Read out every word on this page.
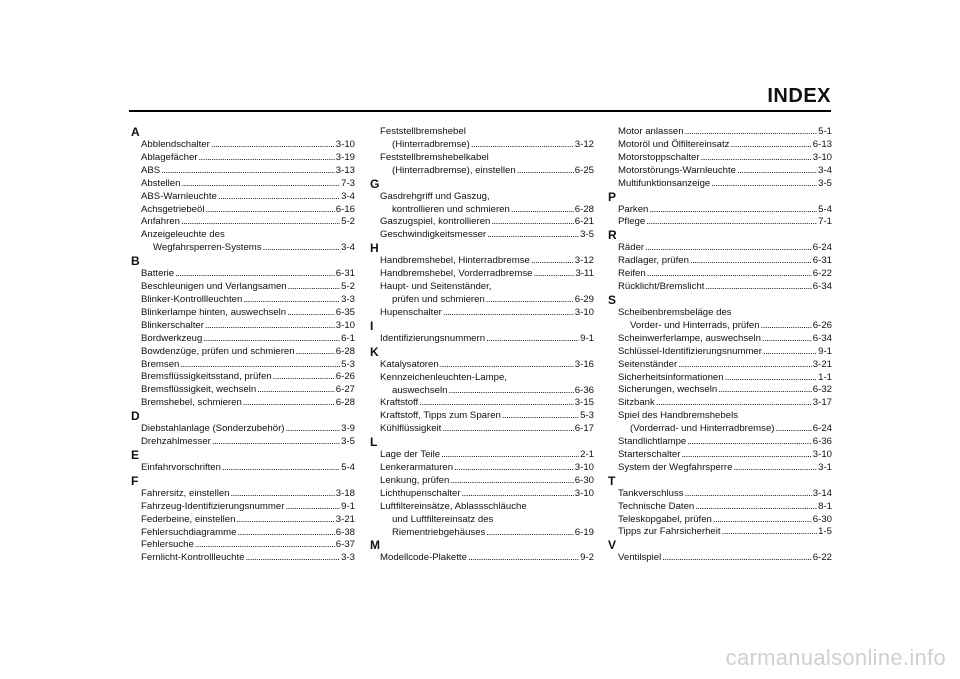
INDEX
A
Abblendschalter . . .	3-10
Ablagefächer . . .	3-19
ABS . . .	3-13
Abstellen . . .	7-3
ABS-Warnleuchte . . .	3-4
Achsgetriebeöl . . .	6-16
Anfahren . . .	5-2
Anzeigeleuchte des
Wegfahrsperren-Systems . . .	3-4
B
Batterie . . .	6-31
Beschleunigen und Verlangsamen . . .	5-2
Blinker-Kontrollleuchten . . .	3-3
Blinkerlampe hinten, auswechseln . . .	6-35
Blinkerschalter . . .	3-10
Bordwerkzeug . . .	6-1
Bowdenzüge, prüfen und schmieren . . .	6-28
Bremsen . . .	5-3
Bremsflüssigkeitsstand, prüfen . . .	6-26
Bremsflüssigkeit, wechseln . . .	6-27
Bremshebel, schmieren . . .	6-28
D
Diebstahlanlage (Sonderzubehör) . . .	3-9
Drehzahlmesser . . .	3-5
E
Einfahrvorschriften . . .	5-4
F
Fahrersitz, einstellen . . .	3-18
Fahrzeug-Identifizierungsnummer . . .	9-1
Federbeine, einstellen . . .	3-21
Fehlersuchdiagramme . . .	6-38
Fehlersuche . . .	6-37
Fernlicht-Kontrollleuchte . . .	3-3
Feststellbremshebel
(Hinterradbremse) . . .	3-12
Feststellbremshebelkabel
(Hinterradbremse), einstellen . . .	6-25
G
Gasdrehgriff und Gaszug,
kontrollieren und schmieren . . .	6-28
Gaszugspiel, kontrollieren . . .	6-21
Geschwindigkeitsmesser . . .	3-5
H
Handbremshebel, Hinterradbremse . . .	3-12
Handbremshebel, Vorderradbremse . . .	3-11
Haupt- und Seitenständer,
prüfen und schmieren . . .	6-29
Hupenschalter . . .	3-10
I
Identifizierungsnummern . . .	9-1
K
Katalysatoren . . .	3-16
Kennzeichenleuchten-Lampe,
auswechseln . . .	6-36
Kraftstoff . . .	3-15
Kraftstoff, Tipps zum Sparen . . .	5-3
Kühlflüssigkeit . . .	6-17
L
Lage der Teile . . .	2-1
Lenkerarmaturen . . .	3-10
Lenkung, prüfen . . .	6-30
Lichthupenschalter . . .	3-10
Luftfiltereinsätze, Ablassschläuche
und Luftfiltereinsatz des
Riementriebgehäuses . . .	6-19
M
Modellcode-Plakette . . .	9-2
Motor anlassen . . .	5-1
Motoröl und Ölfiltereinsatz . . .	6-13
Motorstoppschalter . . .	3-10
Motorstörungs-Warnleuchte . . .	3-4
Multifunktionsanzeige . . .	3-5
P
Parken . . .	5-4
Pflege . . .	7-1
R
Räder . . .	6-24
Radlager, prüfen . . .	6-31
Reifen . . .	6-22
Rücklicht/Bremslicht . . .	6-34
S
Scheibenbremsbeläge des
Vorder- und Hinterrads, prüfen . . .	6-26
Scheinwerferlampe, auswechseln . . .	6-34
Schlüssel-Identifizierungsnummer . . .	9-1
Seitenständer . . .	3-21
Sicherheitsinformationen . . .	1-1
Sicherungen, wechseln . . .	6-32
Sitzbank . . .	3-17
Spiel des Handbremshebels
(Vorderrad- und Hinterradbremse) . . .	6-24
Standlichtlampe . . .	6-36
Starterschalter . . .	3-10
System der Wegfahrsperre . . .	3-1
T
Tankverschluss . . .	3-14
Technische Daten . . .	8-1
Teleskopgabel, prüfen . . .	6-30
Tipps zur Fahrsicherheit . . .	1-5
V
Ventilspiel . . .	6-22
carmanualsonline.info
